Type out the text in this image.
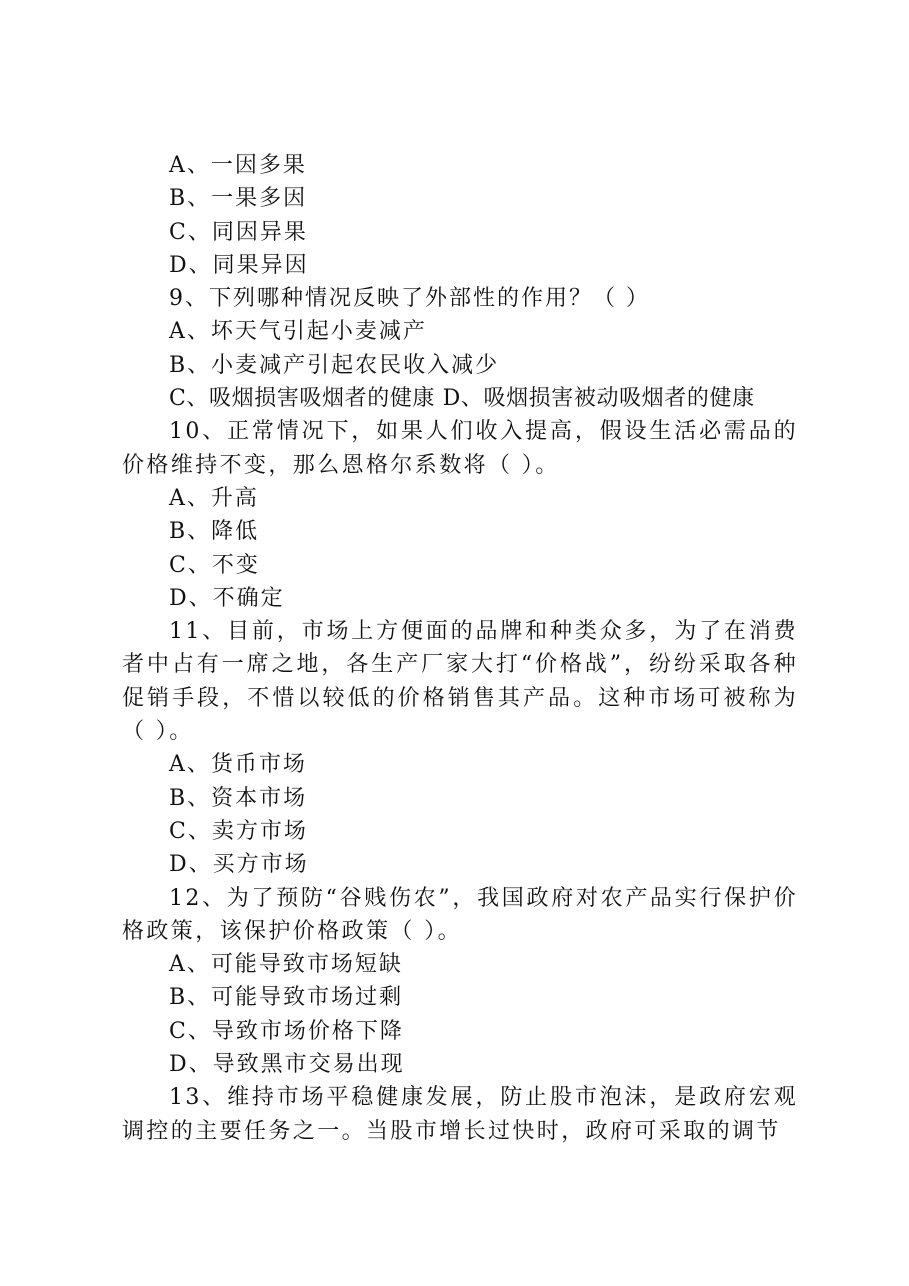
A、一因多果

B、一果多因

C、同因异果

D、同果异因

9、下列哪种情况反映了外部性的作用？（ ）

A、坏天气引起小麦减产

B、小麦减产引起农民收入减少

C、吸烟损害吸烟者的健康 D、吸烟损害被动吸烟者的健康

10、正常情况下，如果人们收入提高，假设生活必需品的价格维持不变，那么恩格尔系数将（ ）。

A、升高

B、降低

C、不变

D、不确定

11、目前，市场上方便面的品牌和种类众多，为了在消费者中占有一席之地，各生产厂家大打“价格战”，纷纷采取各种促销手段，不惜以较低的价格销售其产品。这种市场可被称为（ ）。

A、货币市场

B、资本市场

C、卖方市场

D、买方市场

12、为了预防“谷贱伤农”，我国政府对农产品实行保护价格政策，该保护价格政策（ ）。

A、可能导致市场短缺

B、可能导致市场过剩

C、导致市场价格下降

D、导致黑市交易出现

13、维持市场平稳健康发展，防止股市泡沫，是政府宏观调控的主要任务之一。当股市增长过快时，政府可采取的调节
